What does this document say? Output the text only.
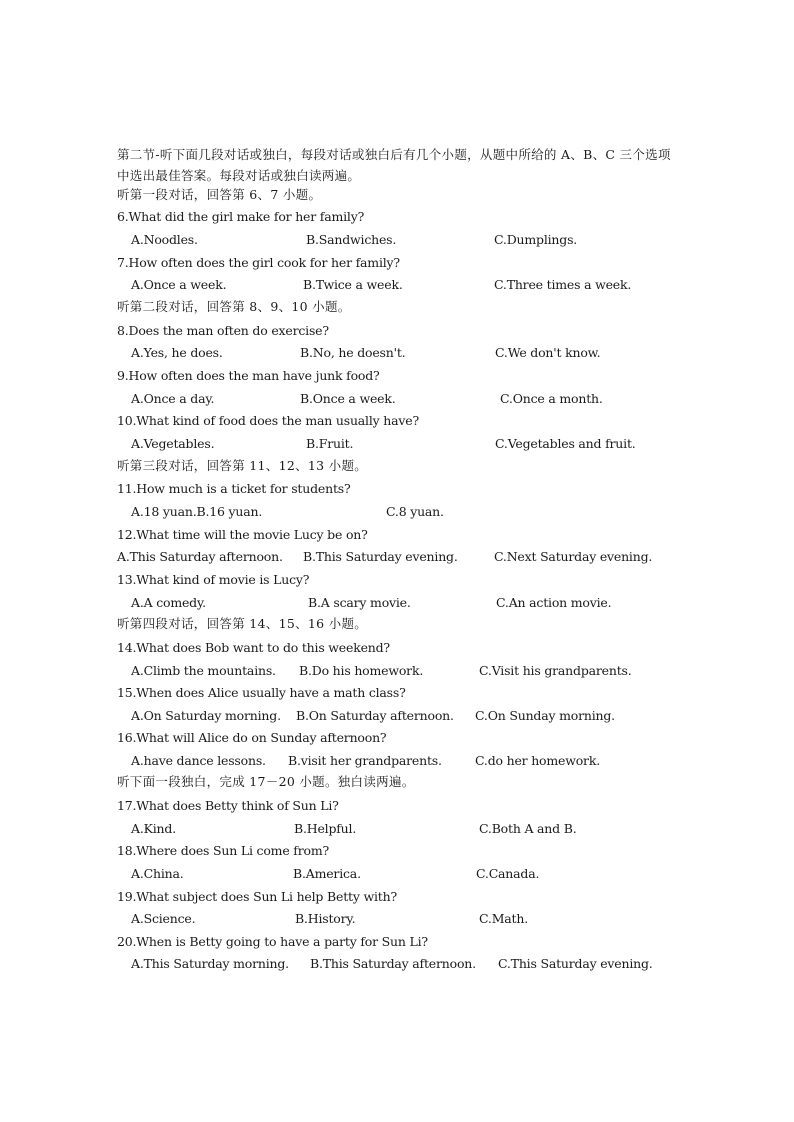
第二节-听下面几段对话或独白，每段对话或独白后有几个小题，从题中所给的 A、B、C 三个选项中选出最佳答案。每段对话或独白读两遍。
听第一段对话，回答第 6、7 小题。
6.What did the girl make for her family?
A.Noodles.	B.Sandwiches.	C.Dumplings.
7.How often does the girl cook for her family?
A.Once a week.	B.Twice a week.	C.Three times a week.
听第二段对话，回答第 8、9、10 小题。
8.Does the man often do exercise?
A.Yes, he does.	B.No, he doesn't.	C.We don't know.
9.How often does the man have junk food?
A.Once a day.	B.Once a week.	C.Once a month.
10.What kind of food does the man usually have?
A.Vegetables.	B.Fruit.	C.Vegetables and fruit.
听第三段对话，回答第 11、12、13 小题。
11.How much is a ticket for students?
A.18 yuan.B.16 yuan.	C.8 yuan.
12.What time will the movie Lucy be on?
A.This Saturday afternoon. B.This Saturday evening.	C.Next Saturday evening.
13.What kind of movie is Lucy?
A.A comedy.	B.A scary movie.	C.An action movie.
听第四段对话，回答第 14、15、16 小题。
14.What does Bob want to do this weekend?
A.Climb the mountains. B.Do his homework.	C.Visit his grandparents.
15.When does Alice usually have a math class?
A.On Saturday morning. B.On Saturday afternoon. C.On Sunday morning.
16.What will Alice do on Sunday afternoon?
A.have dance lessons. B.visit her grandparents.	C.do her homework.
听下面一段独白，完成 17－20 小题。独白读两遍。
17.What does Betty think of Sun Li?
A.Kind.	B.Helpful.	C.Both A and B.
18.Where does Sun Li come from?
A.China.	B.America.	C.Canada.
19.What subject does Sun Li help Betty with?
A.Science.	B.History.	C.Math.
20.When is Betty going to have a party for Sun Li?
A.This Saturday morning. B.This Saturday afternoon. C.This Saturday evening.
